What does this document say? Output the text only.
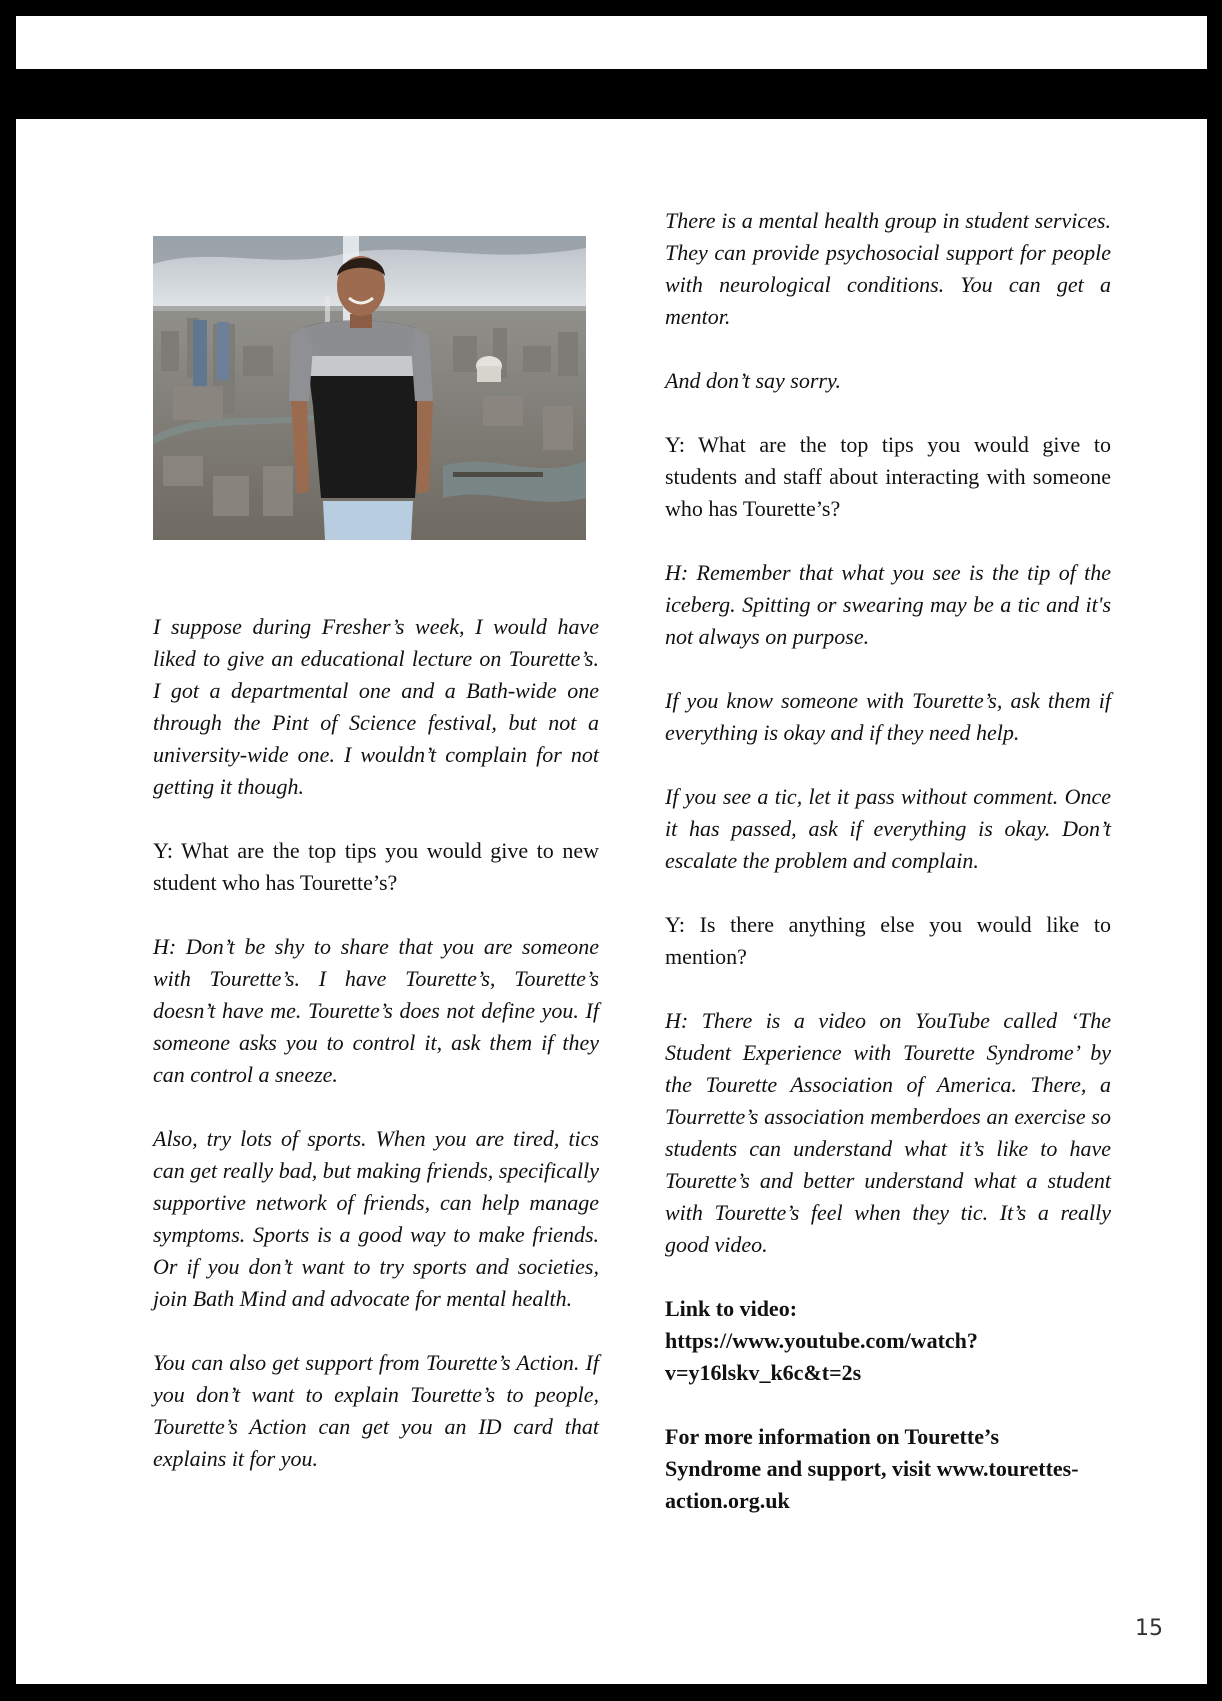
I suppose during Fresher’s week, I would have liked to give an educational lecture on Tourette’s. I got a departmental one and a Bath-wide one through the Pint of Science festival, but not a university-wide one. I wouldn’t complain for not getting it though.

Y: What are the top tips you would give to new student who has Tourette’s?

H: Don’t be shy to share that you are someone with Tourette’s. I have Tourette’s, Tourette’s doesn’t have me. Tourette’s does not define you. If someone asks you to control it, ask them if they can control a sneeze.

Also, try lots of sports. When you are tired, tics can get really bad, but making friends, specifically supportive network of friends, can help manage symptoms. Sports is a good way to make friends. Or if you don’t want to try sports and societies, join Bath Mind and advocate for mental health.

You can also get support from Tourette’s Action. If you don’t want to explain Tourette’s to people, Tourette’s Action can get you an ID card that explains it for you.

There is a mental health group in student services. They can provide psychosocial support for people with neurological conditions. You can get a mentor.

And don’t say sorry.

Y: What are the top tips you would give to students and staff about interacting with someone who has Tourette’s?

H: Remember that what you see is the tip of the iceberg. Spitting or swearing may be a tic and it's not always on purpose.

If you know someone with Tourette’s, ask them if everything is okay and if they need help.

If you see a tic, let it pass without comment. Once it has passed, ask if everything is okay. Don’t escalate the problem and complain.

Y: Is there anything else you would like to mention?

H: There is a video on YouTube called ‘The Student Experience with Tourette Syndrome’ by the Tourette Association of America. There, a Tourrette’s association memberdoes an exercise so students can understand what it’s like to have Tourette’s and better understand what a student with Tourette’s feel when they tic. It’s a really good video.

Link to video:
https://www.youtube.com/watch?
v=y16lskv_k6c&t=2s

For more information on Tourette’s
Syndrome and support, visit www.tourettes-
action.org.uk

15
